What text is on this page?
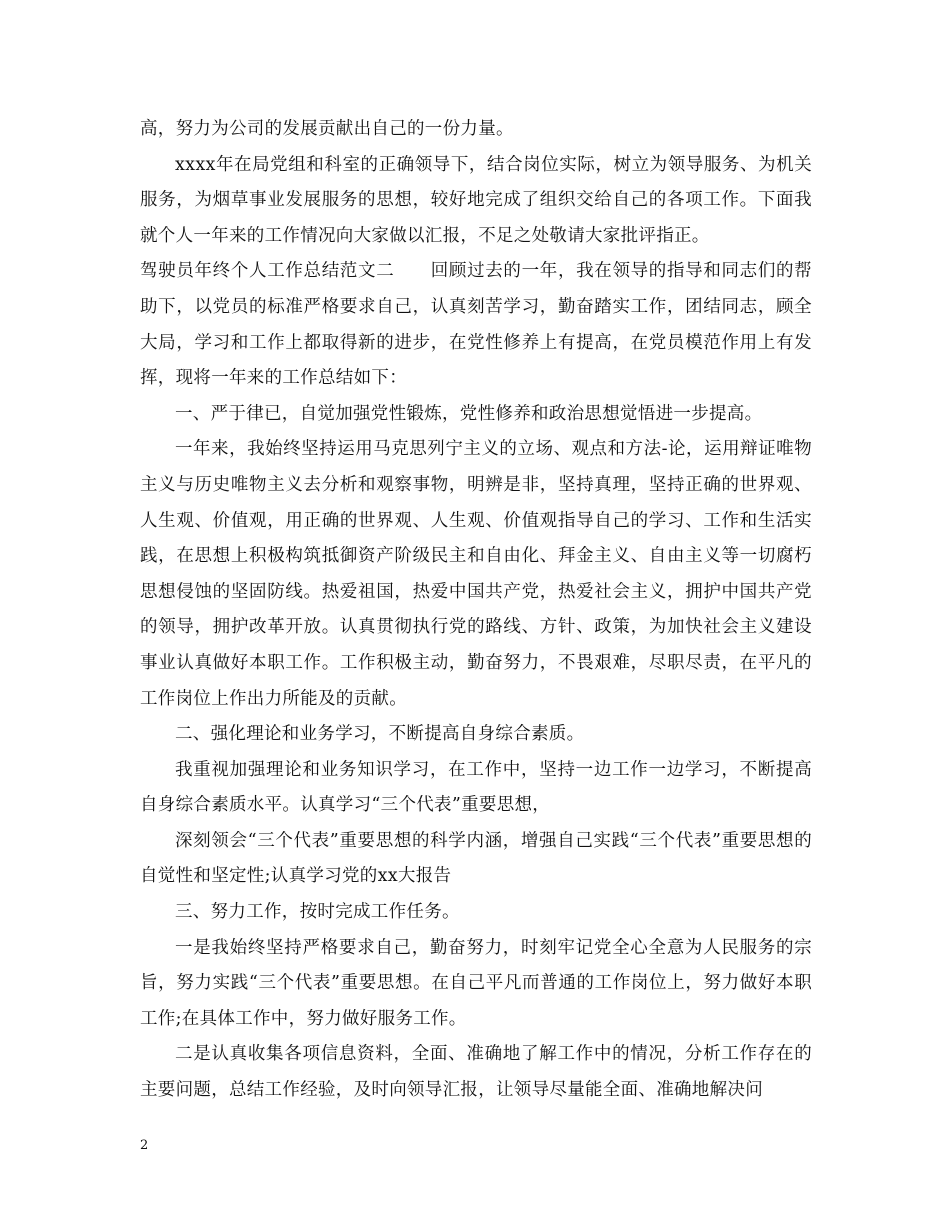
高，努力为公司的发展贡献出自己的一份力量。

xxxx年在局党组和科室的正确领导下，结合岗位实际，树立为领导服务、为机关服务，为烟草事业发展服务的思想，较好地完成了组织交给自己的各项工作。下面我就个人一年来的工作情况向大家做以汇报，不足之处敬请大家批评指正。

驾驶员年终个人工作总结范文二　　回顾过去的一年，我在领导的指导和同志们的帮助下，以党员的标准严格要求自己，认真刻苦学习，勤奋踏实工作，团结同志，顾全大局，学习和工作上都取得新的进步，在党性修养上有提高，在党员模范作用上有发挥，现将一年来的工作总结如下：

一、严于律已，自觉加强党性锻炼，党性修养和政治思想觉悟进一步提高。

一年来，我始终坚持运用马克思列宁主义的立场、观点和方法-论，运用辩证唯物主义与历史唯物主义去分析和观察事物，明辨是非，坚持真理，坚持正确的世界观、人生观、价值观，用正确的世界观、人生观、价值观指导自己的学习、工作和生活实践，在思想上积极构筑抵御资产阶级民主和自由化、拜金主义、自由主义等一切腐朽思想侵蚀的坚固防线。热爱祖国，热爱中国共产党，热爱社会主义，拥护中国共产党的领导，拥护改革开放。认真贯彻执行党的路线、方针、政策，为加快社会主义建设事业认真做好本职工作。工作积极主动，勤奋努力，不畏艰难，尽职尽责，在平凡的工作岗位上作出力所能及的贡献。

二、强化理论和业务学习，不断提高自身综合素质。

我重视加强理论和业务知识学习，在工作中，坚持一边工作一边学习，不断提高自身综合素质水平。认真学习“三个代表”重要思想，

深刻领会“三个代表”重要思想的科学内涵，增强自己实践“三个代表”重要思想的自觉性和坚定性;认真学习党的xx大报告

三、努力工作，按时完成工作任务。

一是我始终坚持严格要求自己，勤奋努力，时刻牢记党全心全意为人民服务的宗旨，努力实践“三个代表”重要思想。在自己平凡而普通的工作岗位上，努力做好本职工作;在具体工作中，努力做好服务工作。

二是认真收集各项信息资料，全面、准确地了解工作中的情况，分析工作存在的主要问题，总结工作经验，及时向领导汇报，让领导尽量能全面、准确地解决问

2
